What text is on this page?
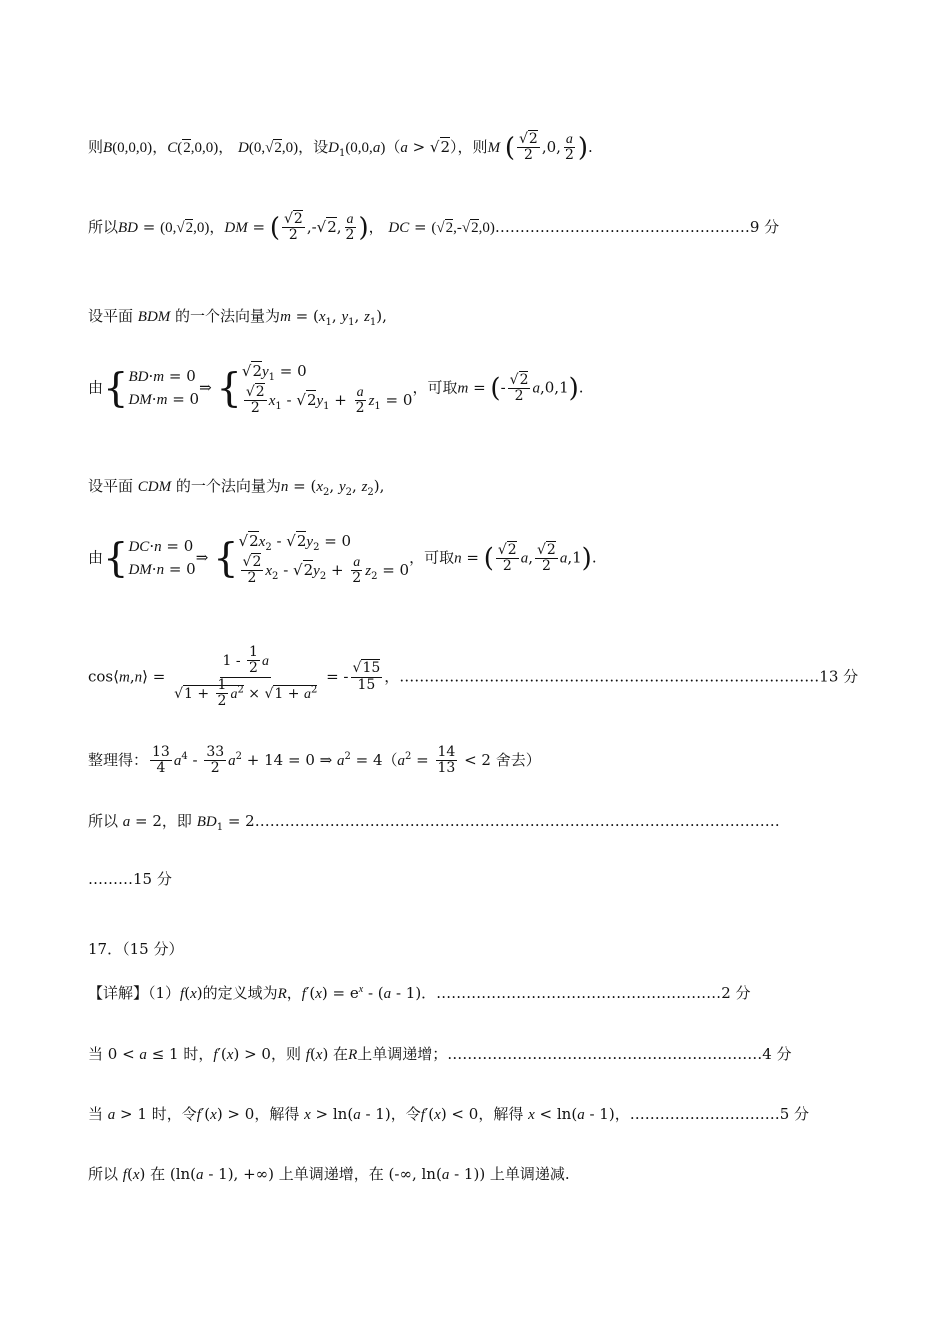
则B(0,0,0)，C(2,0,0)， D(0,√2,0)，设$D_1(0,0,a)(a > √2)$，则M ( $\frac{√2}{2} ,0$, $\frac{a}{2}$ ).
所以BD = (0,√2,0)，DM = ( $\frac{√2}{2} ,-√2$, $\frac{a}{2}$ )， DC = (√2,-√2,0)……………………………………………9 分
设平面 BDM 的一个法向量为$m = (x_1$, $y_1$, $z_1$),
由{ BD·m = 0
DM·m = 0
⇒ { $√2y_1 = 0$
$\frac{√2}{2} x_1 - √2y_1 + \frac{a}{2} z_1 = 0$
，可取m = (- $\frac{√2}{2} a,0,1$).
设平面 CDM 的一个法向量为$n = (x_2$, $y_2$, $z_2$),
由{ DC·n = 0
DM·n = 0
⇒ { $√2x_2 - √2y_2 = 0$
$\frac{√2}{2} x_2 - √2y_2 + \frac{a}{2} z_2 = 0$
，可取n = ( $\frac{√2}{2} a$, $\frac{√2}{2} a,1$).
cos⟨m,n⟩ = $\frac{1 - \frac{1}{2} a}{√1 + \frac{1}{2} a^2 \times √1 + a^2}$ = - $\frac{√15}{15}$ ，…………………………………………………………………………13 分
整理得： $\frac{13}{4} a^4 - \frac{33}{2} a^2 + 14 = 0$ ⇒ $a^2 = 4(a^2 = \frac{14}{13} < 2$ 舍去）
所以 a = 2，即 $BD_1$ = 2……………………………………………………………………………………………
………15 分
17．（15 分）
【详解】（1）f(x)的定义域为R，$f'(x) = e^x - (a - 1)$．…………………………………………………2 分
当 0 < a ≤ 1 时，f′(x) > 0，则 f(x) 在R上单调递增；………………………………………………………4 分
当 a > 1 时，令f′(x) > 0，解得 x > ln(a - 1)，令f′(x) < 0，解得 x < ln(a - 1)，…………………………5 分
所以 f(x) 在 (ln(a - 1), +∞) 上单调递增，在 (-∞, ln(a - 1)) 上单调递减.
